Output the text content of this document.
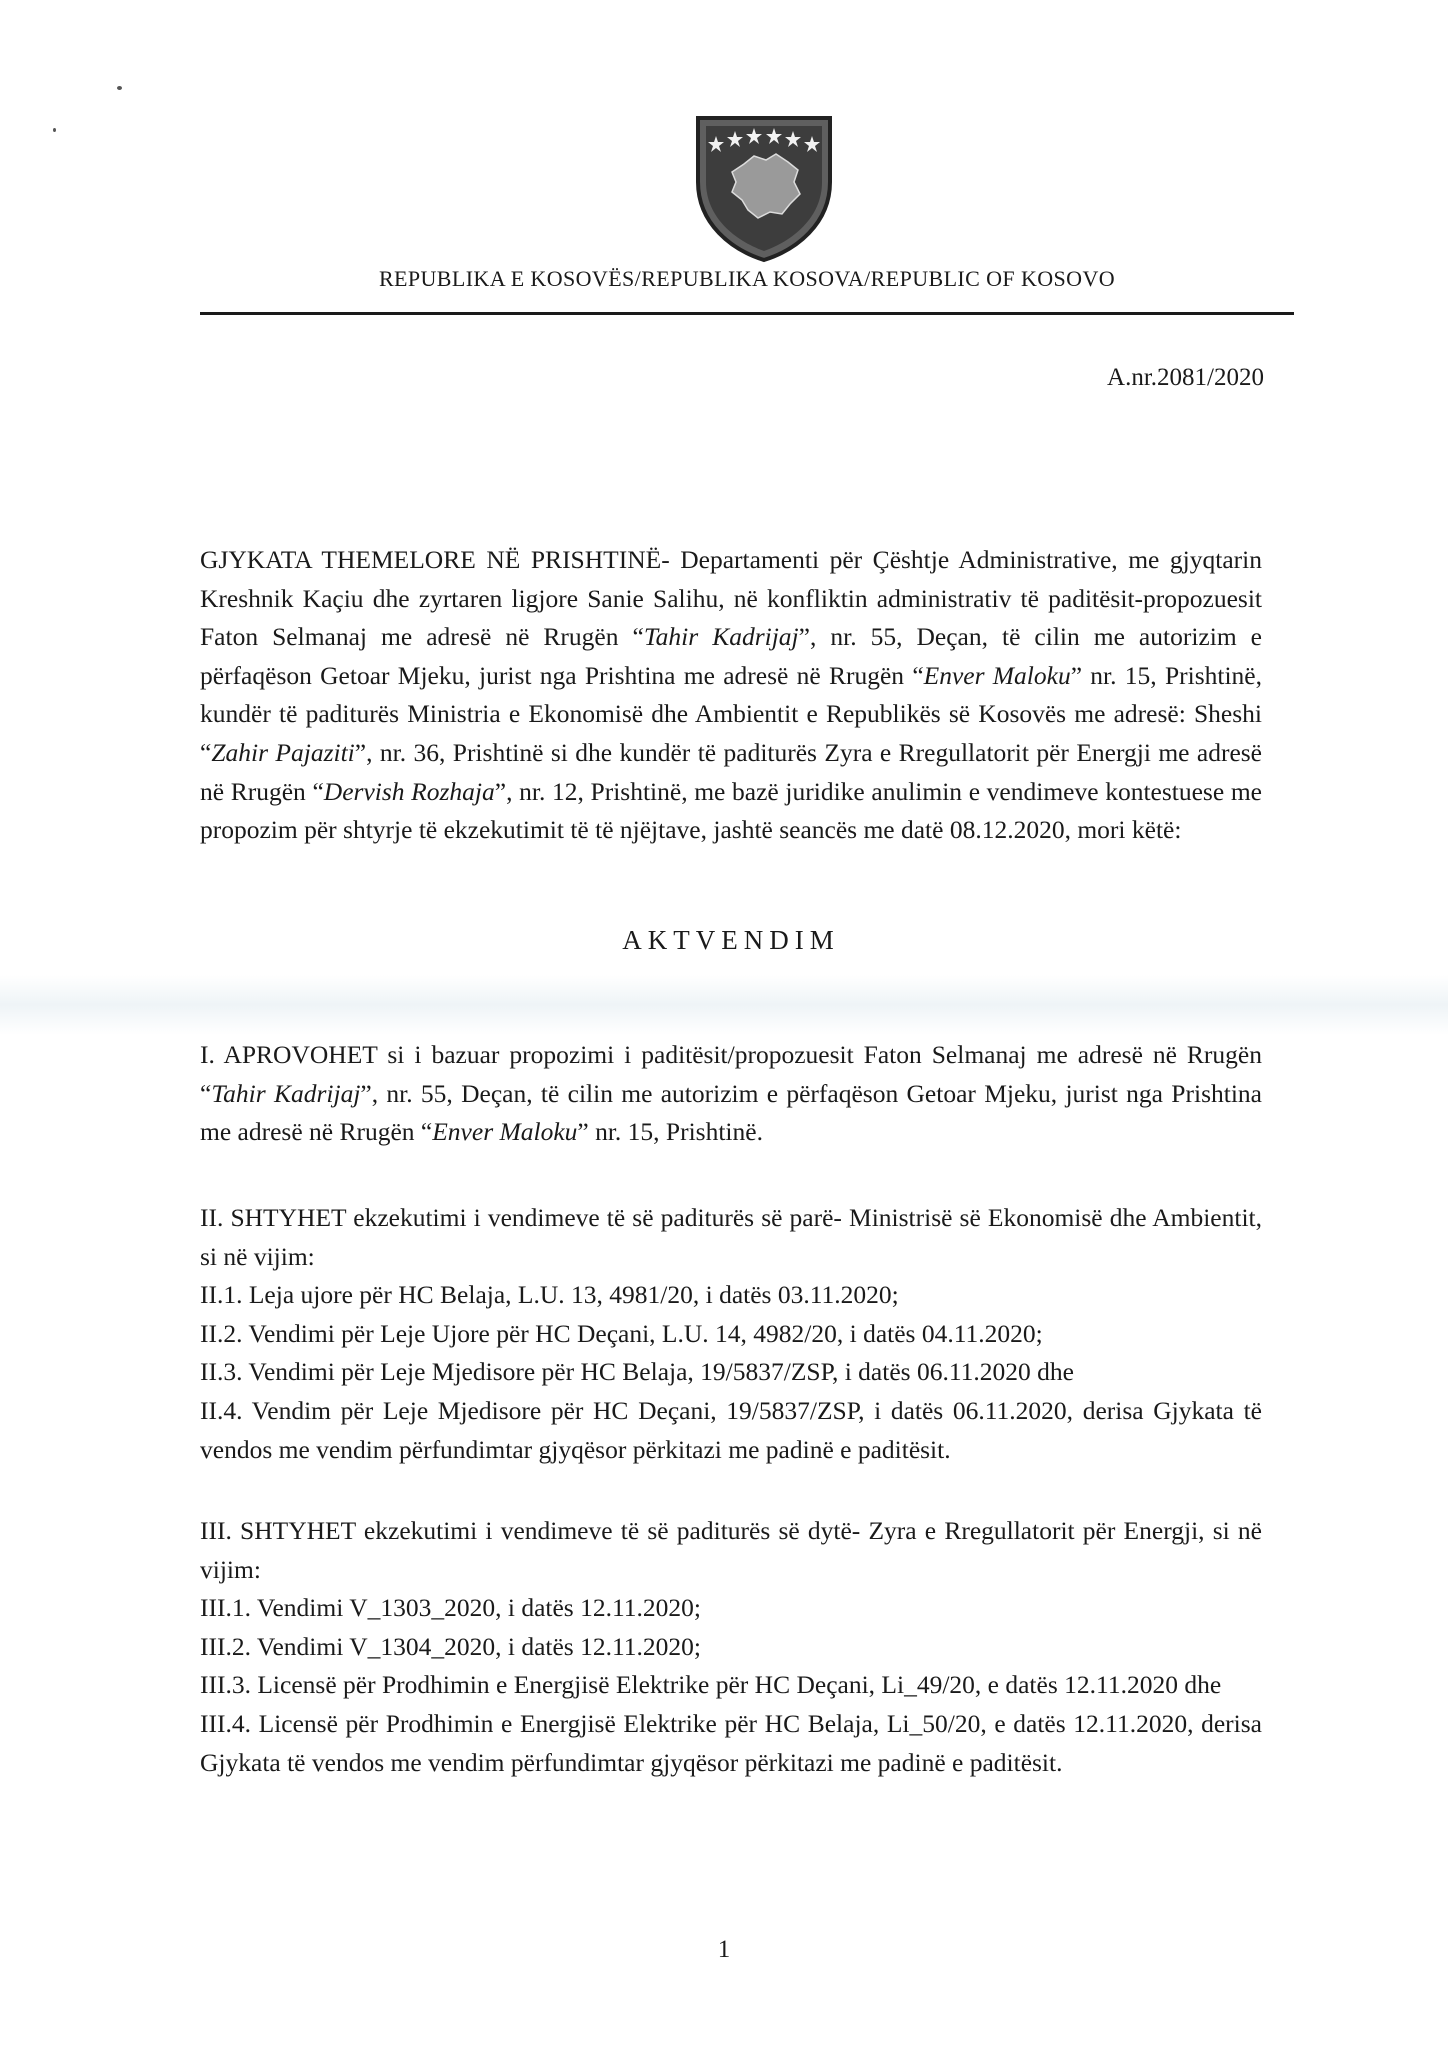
REPUBLIKA E KOSOVËS/REPUBLIKA KOSOVA/REPUBLIC OF KOSOVO
A.nr.2081/2020

GJYKATA THEMELORE NË PRISHTINË- Departamenti për Çështje Administrative, me gjyqtarin Kreshnik Kaçiu dhe zyrtaren ligjore Sanie Salihu, në konfliktin administrativ të paditësit-propozuesit Faton Selmanaj me adresë në Rrugën “Tahir Kadrijaj”, nr. 55, Deçan, të cilin me autorizim e përfaqëson Getoar Mjeku, jurist nga Prishtina me adresë në Rrugën “Enver Maloku” nr. 15, Prishtinë, kundër të paditurës Ministria e Ekonomisë dhe Ambientit e Republikës së Kosovës me adresë: Sheshi “Zahir Pajaziti”, nr. 36, Prishtinë si dhe kundër të paditurës Zyra e Rregullatorit për Energji me adresë në Rrugën “Dervish Rozhaja”, nr. 12, Prishtinë, me bazë juridike anulimin e vendimeve kontestuese me propozim për shtyrje të ekzekutimit të të njëjtave, jashtë seancës me datë 08.12.2020, mori këtë:

AKTVENDIM

I. APROVOHET si i bazuar propozimi i paditësit/propozuesit Faton Selmanaj me adresë në Rrugën “Tahir Kadrijaj”, nr. 55, Deçan, të cilin me autorizim e përfaqëson Getoar Mjeku, jurist nga Prishtina me adresë në Rrugën “Enver Maloku” nr. 15, Prishtinë.

II. SHTYHET ekzekutimi i vendimeve të së paditurës së parë- Ministrisë së Ekonomisë dhe Ambientit, si në vijim:

II.1. Leja ujore për HC Belaja, L.U. 13, 4981/20, i datës 03.11.2020;

II.2. Vendimi për Leje Ujore për HC Deçani, L.U. 14, 4982/20, i datës 04.11.2020;

II.3. Vendimi për Leje Mjedisore për HC Belaja, 19/5837/ZSP, i datës 06.11.2020 dhe

II.4. Vendim për Leje Mjedisore për HC Deçani, 19/5837/ZSP, i datës 06.11.2020, derisa Gjykata të vendos me vendim përfundimtar gjyqësor përkitazi me padinë e paditësit.

III. SHTYHET ekzekutimi i vendimeve të së paditurës së dytë- Zyra e Rregullatorit për Energji, si në vijim:

III.1. Vendimi V_1303_2020, i datës 12.11.2020;

III.2. Vendimi V_1304_2020, i datës 12.11.2020;

III.3. Licensë për Prodhimin e Energjisë Elektrike për HC Deçani, Li_49/20, e datës 12.11.2020 dhe

III.4. Licensë për Prodhimin e Energjisë Elektrike për HC Belaja, Li_50/20, e datës 12.11.2020, derisa Gjykata të vendos me vendim përfundimtar gjyqësor përkitazi me padinë e paditësit.

1
